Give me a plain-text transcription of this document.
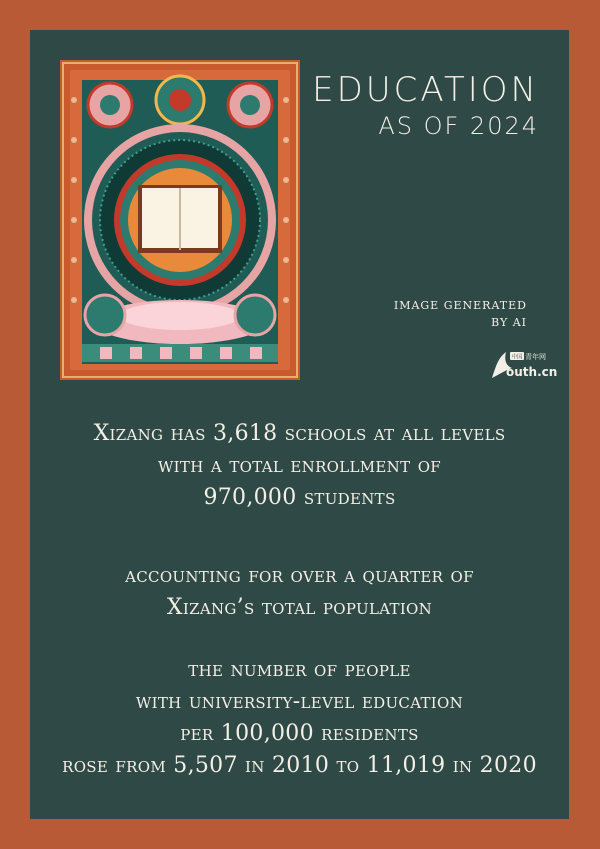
EDUCATION
AS OF 2024
IMAGE GENERATED
BY AI
中国 青年网
outh.cn
Xizang has 3,618 schools at all levels
with a total enrollment of
970,000 students
accounting for over a quarter of
Xizang’s total population
the number of people
with university-level education
per 100,000 residents
rose from 5,507 in 2010 to 11,019 in 2020
